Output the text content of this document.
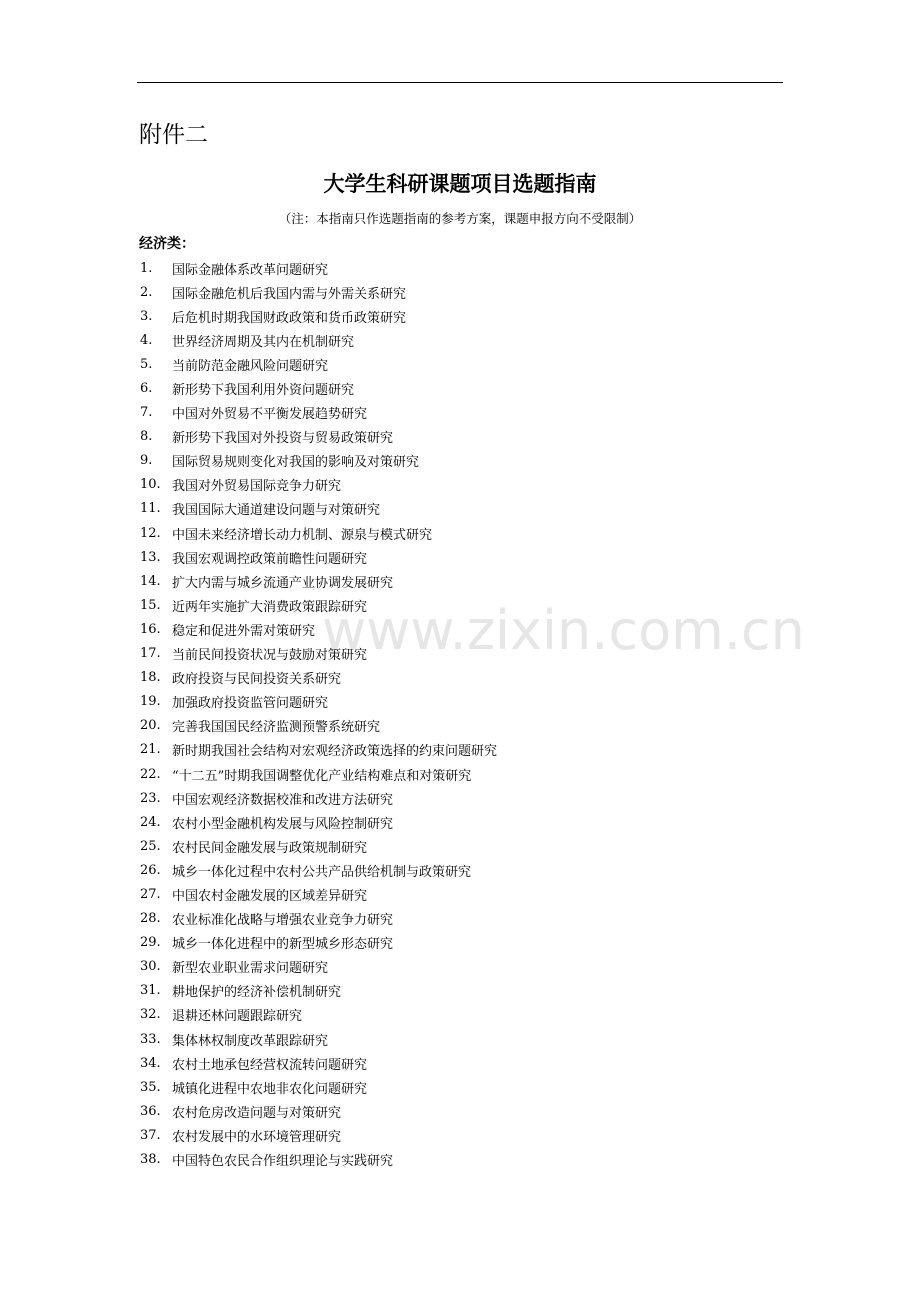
附件二
大学生科研课题项目选题指南

（注：本指南只作选题指南的参考方案，课题申报方向不受限制）

经济类：
1.	国际金融体系改革问题研究
2.	国际金融危机后我国内需与外需关系研究
3.	后危机时期我国财政政策和货币政策研究
4.	世界经济周期及其内在机制研究
5.	当前防范金融风险问题研究
6.	新形势下我国利用外资问题研究
7.	中国对外贸易不平衡发展趋势研究
8.	新形势下我国对外投资与贸易政策研究
9.	国际贸易规则变化对我国的影响及对策研究
10. 我国对外贸易国际竞争力研究
11. 我国国际大通道建设问题与对策研究
12. 中国未来经济增长动力机制、源泉与模式研究
13. 我国宏观调控政策前瞻性问题研究
14. 扩大内需与城乡流通产业协调发展研究
15. 近两年实施扩大消费政策跟踪研究
16. 稳定和促进外需对策研究
17. 当前民间投资状况与鼓励对策研究
18. 政府投资与民间投资关系研究
19. 加强政府投资监管问题研究
20. 完善我国国民经济监测预警系统研究
21. 新时期我国社会结构对宏观经济政策选择的约束问题研究
22. “十二五”时期我国调整优化产业结构难点和对策研究
23. 中国宏观经济数据校准和改进方法研究
24. 农村小型金融机构发展与风险控制研究
25. 农村民间金融发展与政策规制研究
26. 城乡一体化过程中农村公共产品供给机制与政策研究
27. 中国农村金融发展的区域差异研究
28. 农业标准化战略与增强农业竞争力研究
29. 城乡一体化进程中的新型城乡形态研究
30. 新型农业职业需求问题研究
31. 耕地保护的经济补偿机制研究
32. 退耕还林问题跟踪研究
33. 集体林权制度改革跟踪研究
34. 农村土地承包经营权流转问题研究
35. 城镇化进程中农地非农化问题研究
36. 农村危房改造问题与对策研究
37. 农村发展中的水环境管理研究
38. 中国特色农民合作组织理论与实践研究
www.zixin.com.cn
